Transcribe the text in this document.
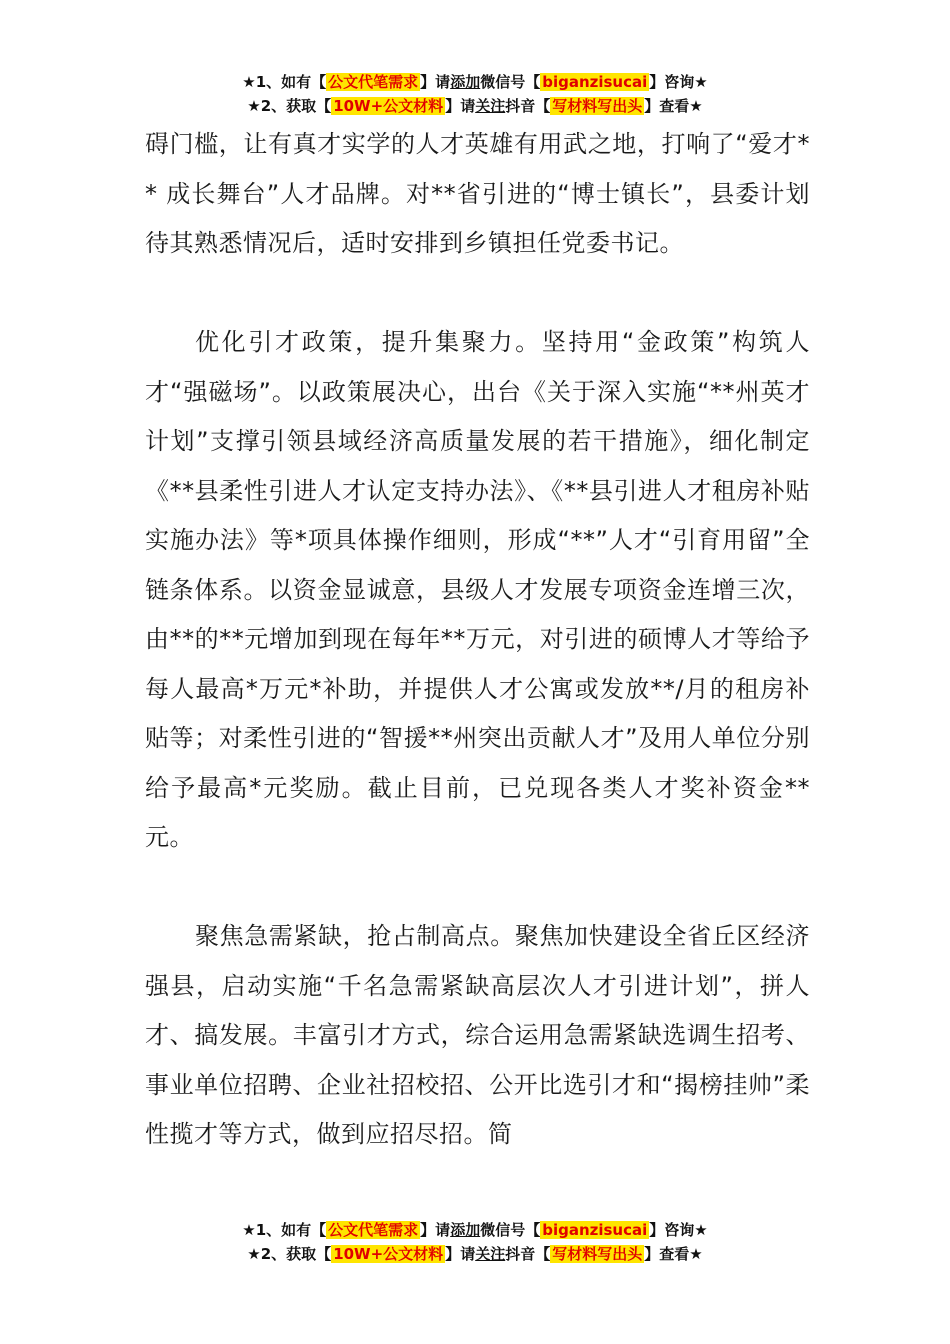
★1、如有【 公文代笔需求 】请添加微信号【 biganzisucai 】咨询★
★2、获取【 10W+公文材料 】请关注抖音【 写材料写出头 】查看★

碍门槛，让有真才实学的人才英雄有用武之地，打响了“爱才** 成长舞台”人才品牌。对**省引进的“博士镇长”，县委计划待其熟悉情况后，适时安排到乡镇担任党委书记。

优化引才政策，提升集聚力。坚持用“金政策”构筑人才“强磁场”。以政策展决心，出台《关于深入实施“**州英才计划”支撑引领县域经济高质量发展的若干措施》，细化制定《**县柔性引进人才认定支持办法》、《**县引进人才租房补贴实施办法》等*项具体操作细则，形成“**”人才“引育用留”全链条体系。以资金显诚意，县级人才发展专项资金连增三次，由**的**元增加到现在每年**万元，对引进的硕博人才等给予每人最高*万元*补助，并提供人才公寓或发放**/月的租房补贴等；对柔性引进的“智援**州突出贡献人才”及用人单位分别给予最高*元奖励。截止目前，已兑现各类人才奖补资金**元。

聚焦急需紧缺，抢占制高点。聚焦加快建设全省丘区经济强县，启动实施“千名急需紧缺高层次人才引进计划”，拼人才、搞发展。丰富引才方式，综合运用急需紧缺选调生招考、事业单位招聘、企业社招校招、公开比选引才和“揭榜挂帅”柔性揽才等方式，做到应招尽招。简

★1、如有【 公文代笔需求 】请添加微信号【 biganzisucai 】咨询★
★2、获取【 10W+公文材料 】请关注抖音【 写材料写出头 】查看★
